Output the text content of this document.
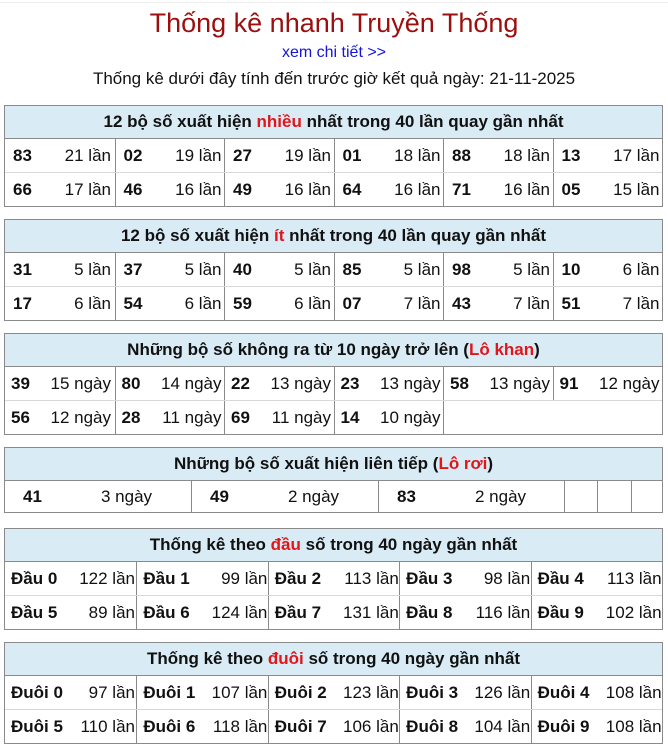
Thống kê nhanh Truyền Thống
xem chi tiết >>
Thống kê dưới đây tính đến trước giờ kết quả ngày: 21-11-2025
12 bộ số xuất hiện nhiều nhất trong 40 lần quay gần nhất
83	21 lần 02	19 lần 27	19 lần 01	18 lần 88	18 lần 13	17 lần
66	17 lần 46	16 lần 49	16 lần 64	16 lần 71	16 lần 05	15 lần
12 bộ số xuất hiện ít nhất trong 40 lần quay gần nhất
31	5 lần 37	5 lần 40	5 lần 85	5 lần 98	5 lần 10	6 lần
17	6 lần 54	6 lần 59	6 lần 07	7 lần 43	7 lần 51	7 lần
Những bộ số không ra từ 10 ngày trở lên (Lô khan)
39	15 ngày 80	14 ngày 22	13 ngày 23	13 ngày 58	13 ngày 91	12 ngày
56	12 ngày 28	11 ngày 69	11 ngày 14	10 ngày
Những bộ số xuất hiện liên tiếp (Lô rơi)
41	3 ngày	49	2 ngày	83	2 ngày
Thống kê theo đầu số trong 40 ngày gần nhất
Đầu 0	122 lần Đầu 1	99 lần Đầu 2	113 lần Đầu 3	98 lần Đầu 4	113 lần
Đầu 5	89 lần Đầu 6	124 lần Đầu 7	131 lần Đầu 8	116 lần Đầu 9	102 lần
Thống kê theo đuôi số trong 40 ngày gần nhất
Đuôi 0	97 lần Đuôi 1 107 lần Đuôi 2 123 lần Đuôi 3 126 lần Đuôi 4 108 lần
Đuôi 5	110 lần Đuôi 6	118 lần Đuôi 7 106 lần Đuôi 8 104 lần Đuôi 9 108 lần
